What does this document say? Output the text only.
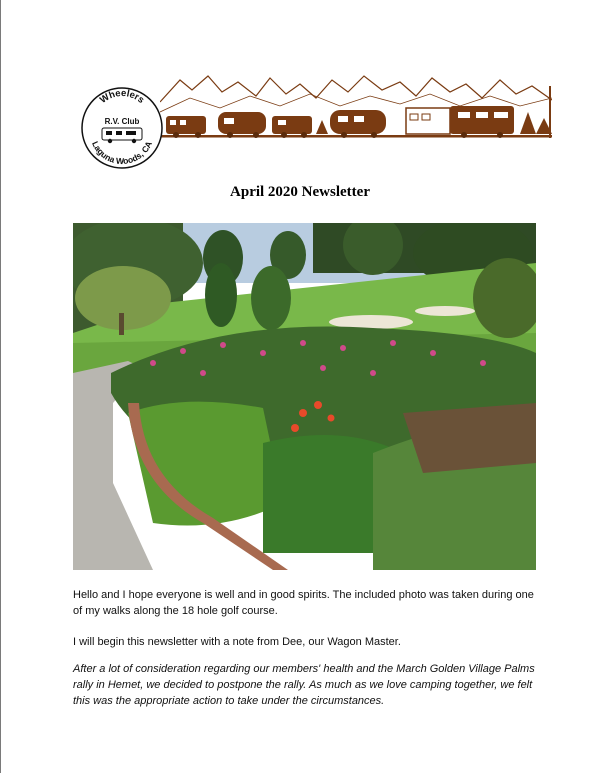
Wheelers
R.V. Club
Laguna Woods, CA
April 2020 Newsletter
Hello and I hope everyone is well and in good spirits. The included photo was taken during one of my walks along the 18 hole golf course.
I will begin this newsletter with a note from Dee, our Wagon Master.
After a lot of consideration regarding our members' health and the March Golden Village Palms rally in Hemet, we decided to postpone the rally. As much as we love camping together, we felt this was the appropriate action to take under the circumstances.
